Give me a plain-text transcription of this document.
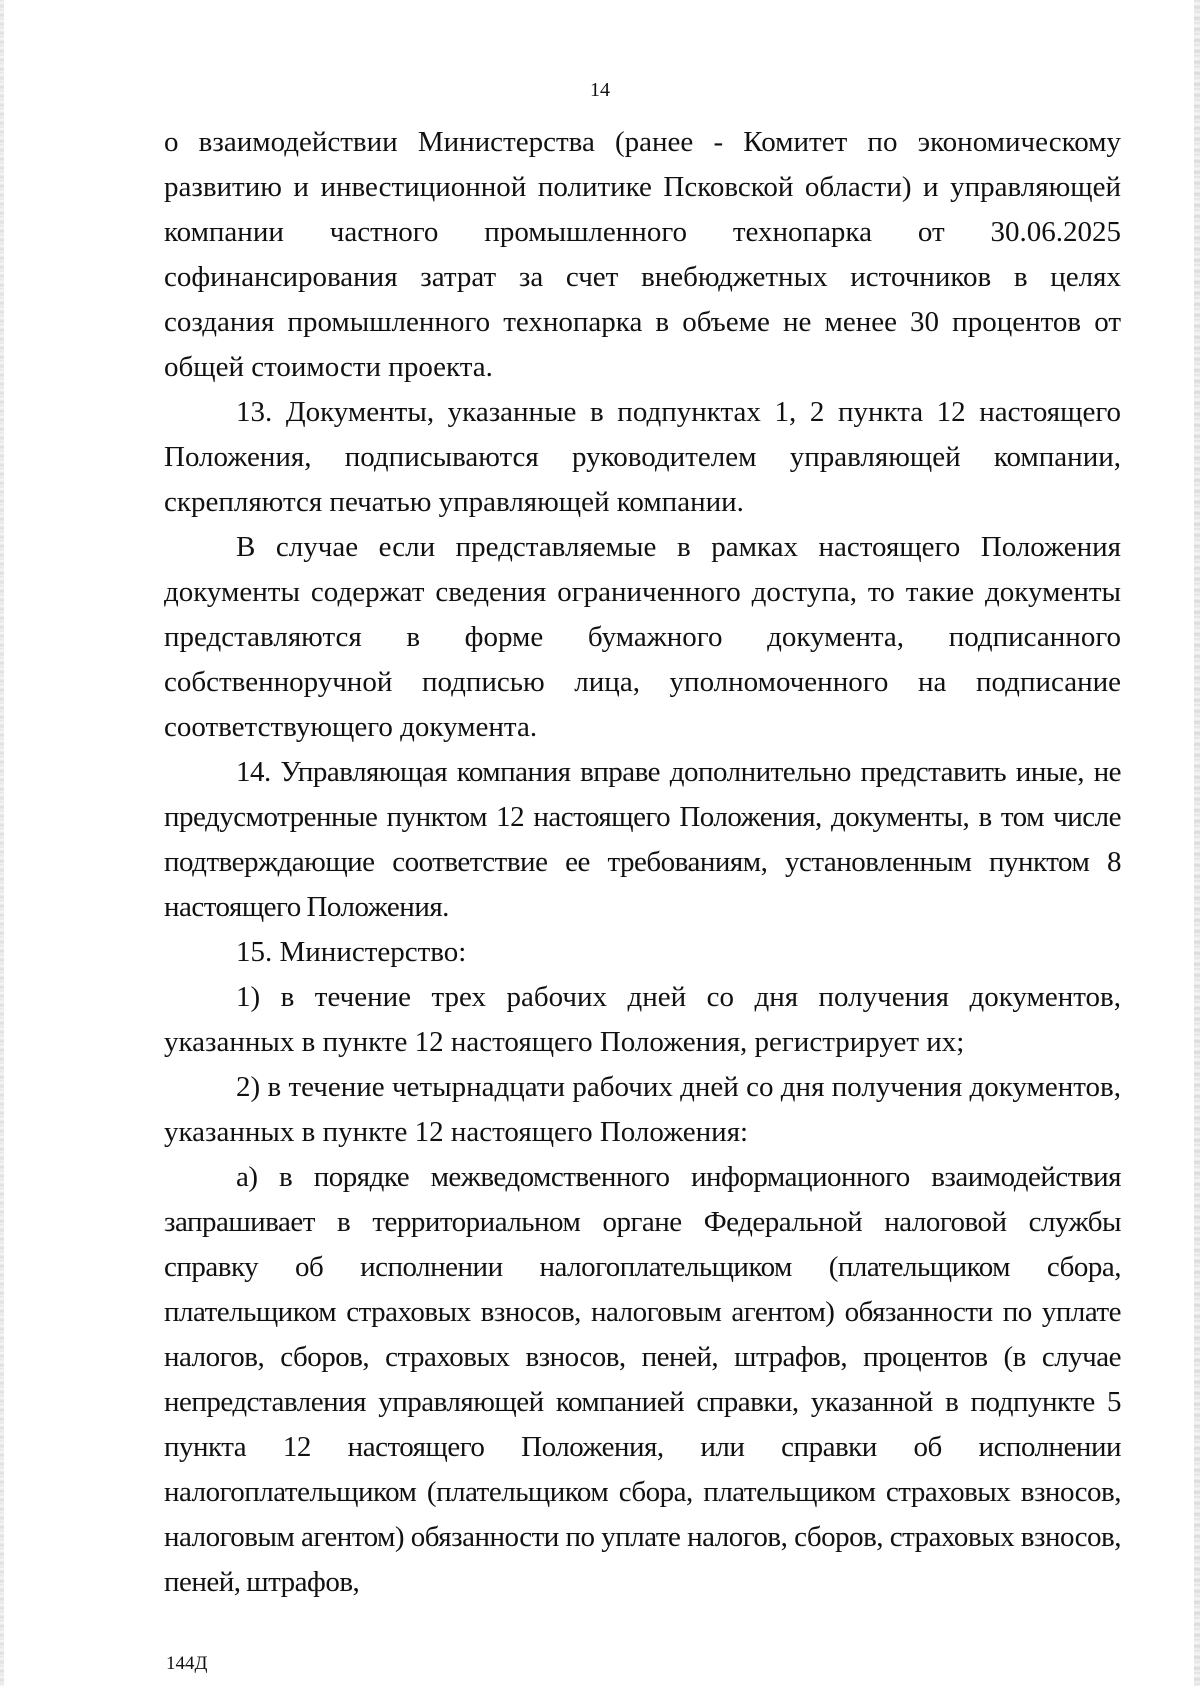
14

о взаимодействии Министерства (ранее - Комитет по экономическому развитию и инвестиционной политике Псковской области) и управляющей компании частного промышленного технопарка от 30.06.2025 софинансирования затрат за счет внебюджетных источников в целях создания промышленного технопарка в объеме не менее 30 процентов от общей стоимости проекта.

13. Документы, указанные в подпунктах 1, 2 пункта 12 настоящего Положения, подписываются руководителем управляющей компании, скрепляются печатью управляющей компании.

В случае если представляемые в рамках настоящего Положения документы содержат сведения ограниченного доступа, то такие документы представляются в форме бумажного документа, подписанного собственноручной подписью лица, уполномоченного на подписание соответствующего документа.

14. Управляющая компания вправе дополнительно представить иные, не предусмотренные пунктом 12 настоящего Положения, документы, в том числе подтверждающие соответствие ее требованиям, установленным пунктом 8 настоящего Положения.

15. Министерство:

1) в течение трех рабочих дней со дня получения документов, указанных в пункте 12 настоящего Положения, регистрирует их;

2) в течение четырнадцати рабочих дней со дня получения документов, указанных в пункте 12 настоящего Положения:

а) в порядке межведомственного информационного взаимодействия запрашивает в территориальном органе Федеральной налоговой службы справку об исполнении налогоплательщиком (плательщиком сбора, плательщиком страховых взносов, налоговым агентом) обязанности по уплате налогов, сборов, страховых взносов, пеней, штрафов, процентов (в случае непредставления управляющей компанией справки, указанной в подпункте 5 пункта 12 настоящего Положения, или справки об исполнении налогоплательщиком (плательщиком сбора, плательщиком страховых взносов, налоговым агентом) обязанности по уплате налогов, сборов, страховых взносов, пеней, штрафов,

144Д
